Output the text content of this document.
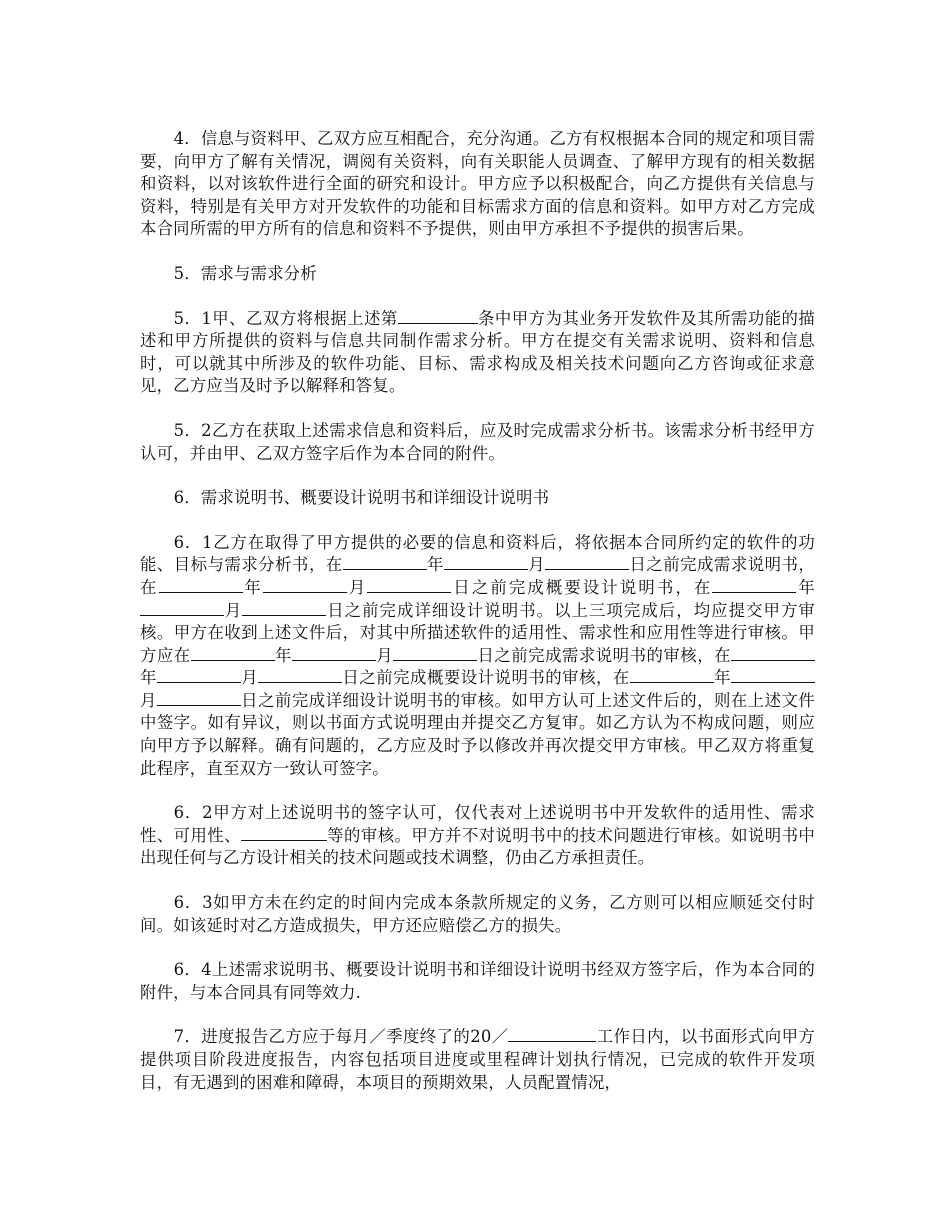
4．信息与资料甲、乙双方应互相配合，充分沟通。乙方有权根据本合同的规定和项目需要，向甲方了解有关情况，调阅有关资料，向有关职能人员调查、了解甲方现有的相关数据和资料，以对该软件进行全面的研究和设计。甲方应予以积极配合，向乙方提供有关信息与资料，特别是有关甲方对开发软件的功能和目标需求方面的信息和资料。如甲方对乙方完成本合同所需的甲方所有的信息和资料不予提供，则由甲方承担不予提供的损害后果。

5．需求与需求分析

5．1甲、乙双方将根据上述第	条中甲方为其业务开发软件及其所需功能的描述和甲方所提供的资料与信息共同制作需求分析。甲方在提交有关需求说明、资料和信息时，可以就其中所涉及的软件功能、目标、需求构成及相关技术问题向乙方咨询或征求意见，乙方应当及时予以解释和答复。

5．2乙方在获取上述需求信息和资料后，应及时完成需求分析书。该需求分析书经甲方认可，并由甲、乙双方签字后作为本合同的附件。

6．需求说明书、概要设计说明书和详细设计说明书

6．1乙方在取得了甲方提供的必要的信息和资料后，将依据本合同所约定的软件的功能、目标与需求分析书，在	年	月	日之前完成需求说明书，在	年	月	日之前完成概要设计说明书，在	年月	日之前完成详细设计说明书。以上三项完成后，均应提交甲方审核。甲方在收到上述文件后，对其中所描述软件的适用性、需求性和应用性等进行审核。甲方应在	年	月	日之前完成需求说明书的审核，在年	月	日之前完成概要设计说明书的审核，在	年月	日之前完成详细设计说明书的审核。如甲方认可上述文件后的，则在上述文件中签字。如有异议，则以书面方式说明理由并提交乙方复审。如乙方认为不构成问题，则应向甲方予以解释。确有问题的，乙方应及时予以修改并再次提交甲方审核。甲乙双方将重复此程序，直至双方一致认可签字。

6．2甲方对上述说明书的签字认可，仅代表对上述说明书中开发软件的适用性、需求性、可用性、	等的审核。甲方并不对说明书中的技术问题进行审核。如说明书中出现任何与乙方设计相关的技术问题或技术调整，仍由乙方承担责任。

6．3如甲方未在约定的时间内完成本条款所规定的义务，乙方则可以相应顺延交付时间。如该延时对乙方造成损失，甲方还应赔偿乙方的损失。

6．4上述需求说明书、概要设计说明书和详细设计说明书经双方签字后，作为本合同的附件，与本合同具有同等效力.

7．进度报告乙方应于每月／季度终了的20／	工作日内，以书面形式向甲方提供项目阶段进度报告，内容包括项目进度或里程碑计划执行情况，已完成的软件开发项目，有无遇到的困难和障碍，本项目的预期效果，人员配置情况，
